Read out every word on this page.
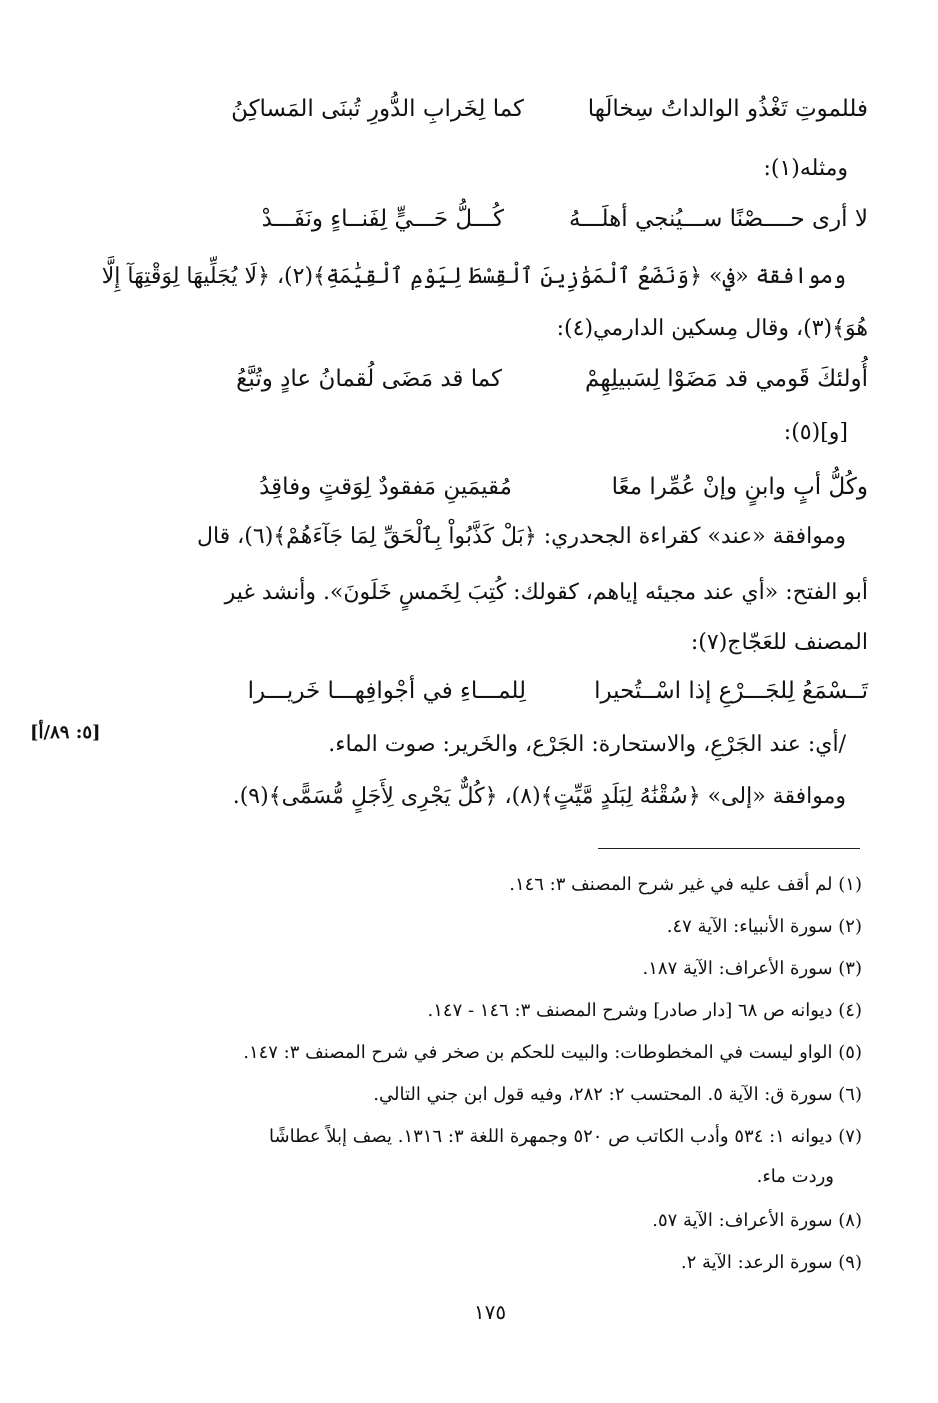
فللموتِ تَغْذُو الوالداتُ سِخالَها
كما لِخَرابِ الدُّورِ تُبنَى المَساكِنُ
ومثله(١):
لا أرى حــــصْنًا ســـيُنجي أهلَـــهُ
كُـــلُّ حَـــيٍّ لِفَنــاءٍ ونَفَـــدْ
وموافقة «في» ﴿وَنَضَعُ ٱلْمَوَٰزِينَ ٱلْقِسْطَ لِيَوْمِ ٱلْقِيَٰمَةِ﴾(٢)، ﴿لَا يُجَلِّيهَا لِوَقْتِهَآ إِلَّا
هُوَ﴾(٣)، وقال مِسكين الدارمي(٤):
أُولئكَ قَومي قد مَضَوْا لِسَبيلِهِمْ
كما قد مَضَى لُقمانُ عادٍ وتُبَّعُ
[و](٥):
وكُلُّ أبٍ وابنٍ وإنْ عُمِّرا معًا
مُقيمَينِ مَفقودٌ لِوَقتٍ وفاقِدُ
وموافقة «عند» كقراءة الجحدري: ﴿بَلْ كَذَّبُواْ بِٱلْحَقِّ لِمَا جَآءَهُمْ﴾(٦)، قال
أبو الفتح: «أي عند مجيئه إياهم، كقولك: كُتِبَ لِخَمسٍ خَلَونَ». وأنشد غير
المصنف للعَجّاج(٧):
تَــسْمَعُ لِلجَـــرْعِ إذا اسْــتُحيرا
لِلمـــاءِ في أجْوافِهـــا خَريـــرا
/أي: عند الجَرْعِ، والاستحارة: الجَرْع، والخَرير: صوت الماء.
وموافقة «إلى» ﴿سُقْنَٰهُ لِبَلَدٍ مَّيِّتٍ﴾(٨)، ﴿كُلٌّ يَجْرِى لِأَجَلٍ مُّسَمًّى﴾(٩).
[٥: ٨٩/أ]
(١) لم أقف عليه في غير شرح المصنف ٣: ١٤٦.
(٢) سورة الأنبياء: الآية ٤٧.
(٣) سورة الأعراف: الآية ١٨٧.
(٤) ديوانه ص ٦٨ [دار صادر] وشرح المصنف ٣: ١٤٦ - ١٤٧.
(٥) الواو ليست في المخطوطات: والبيت للحكم بن صخر في شرح المصنف ٣: ١٤٧.
(٦) سورة ق: الآية ٥. المحتسب ٢: ٢٨٢، وفيه قول ابن جني التالي.
(٧) ديوانه ١: ٥٣٤ وأدب الكاتب ص ٥٢٠ وجمهرة اللغة ٣: ١٣١٦. يصف إبلاً عطاشًا
وردت ماء.
(٨) سورة الأعراف: الآية ٥٧.
(٩) سورة الرعد: الآية ٢.
١٧٥
